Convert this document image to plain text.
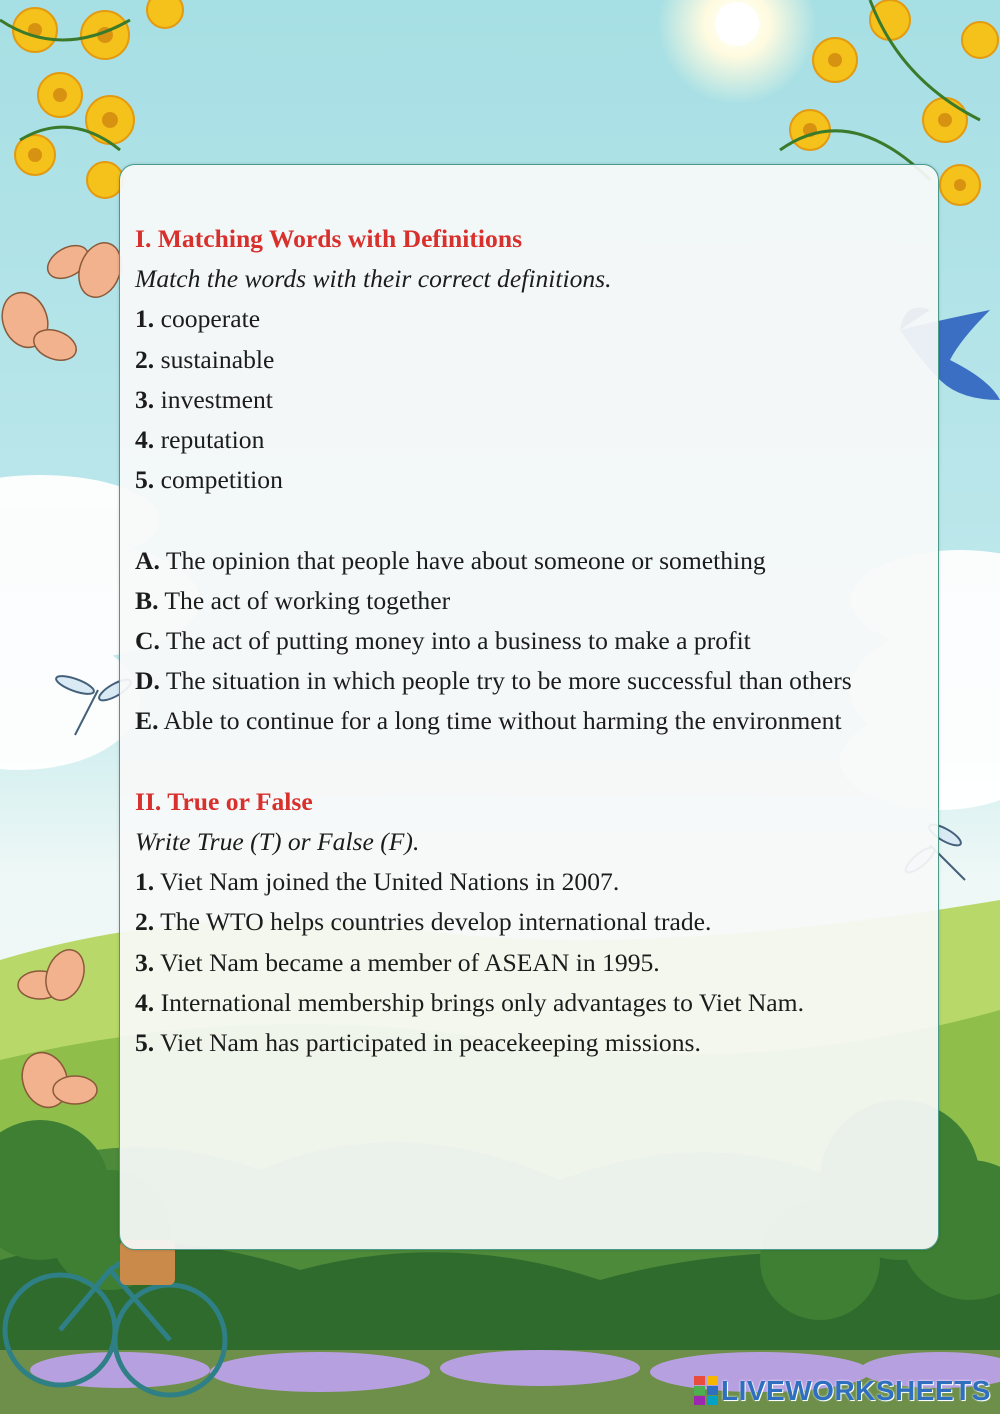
I. Matching Words with Definitions

Match the words with their correct definitions.

1. cooperate

2. sustainable

3. investment

4. reputation

5. competition

A. The opinion that people have about someone or something

B. The act of working together

C. The act of putting money into a business to make a profit

D. The situation in which people try to be more successful than others

E. Able to continue for a long time without harming the environment

II. True or False

Write True (T) or False (F).

1. Viet Nam joined the United Nations in 2007.

2. The WTO helps countries develop international trade.

3. Viet Nam became a member of ASEAN in 1995.

4. International membership brings only advantages to Viet Nam.

5. Viet Nam has participated in peacekeeping missions.

LIVEWORKSHEETS
